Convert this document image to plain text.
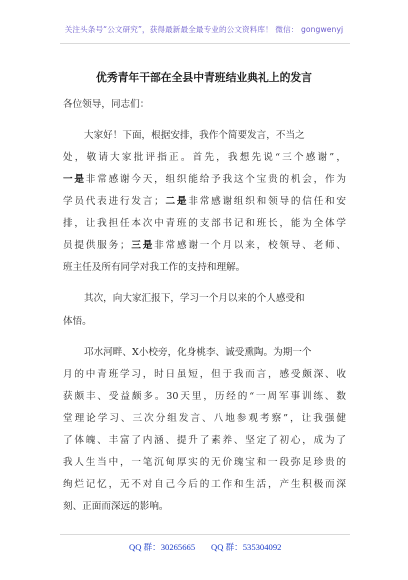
关注头条号“公文研究”，获得最新最全最专业的公文资料库！ 微信： gongwenyj
优秀青年干部在全县中青班结业典礼上的发言
各位领导，同志们：
大家好！下面，根据安排，我作个简要发言，不当之
处，敬请大家批评指正。首先，我想先说“三个感谢”，
一是非常感谢今天，组织能给予我这个宝贵的机会，作为
学员代表进行发言；二是非常感谢组织和领导的信任和安
排，让我担任本次中青班的支部书记和班长，能为全体学
员提供服务；三是非常感谢一个月以来，校领导、老师、
班主任及所有同学对我工作的支持和理解。
其次，向大家汇报下，学习一个月以来的个人感受和
体悟。
邛水河畔、X小校旁，化身桃李、诚受熏陶。为期一个
月的中青班学习，时日虽短，但于我而言，感受颇深、收
获颇丰、受益颇多。30天里，历经的“一周军事训练、数
堂理论学习、三次分组发言、八地参观考察”，让我强健
了体魄、丰富了内涵、提升了素养、坚定了初心，成为了
我人生当中，一笔沉甸厚实的无价瑰宝和一段弥足珍贵的
绚烂记忆，无不对自己今后的工作和生活，产生积极而深
刻、正面而深远的影响。
QQ 群：30265665 QQ 群：535304092
